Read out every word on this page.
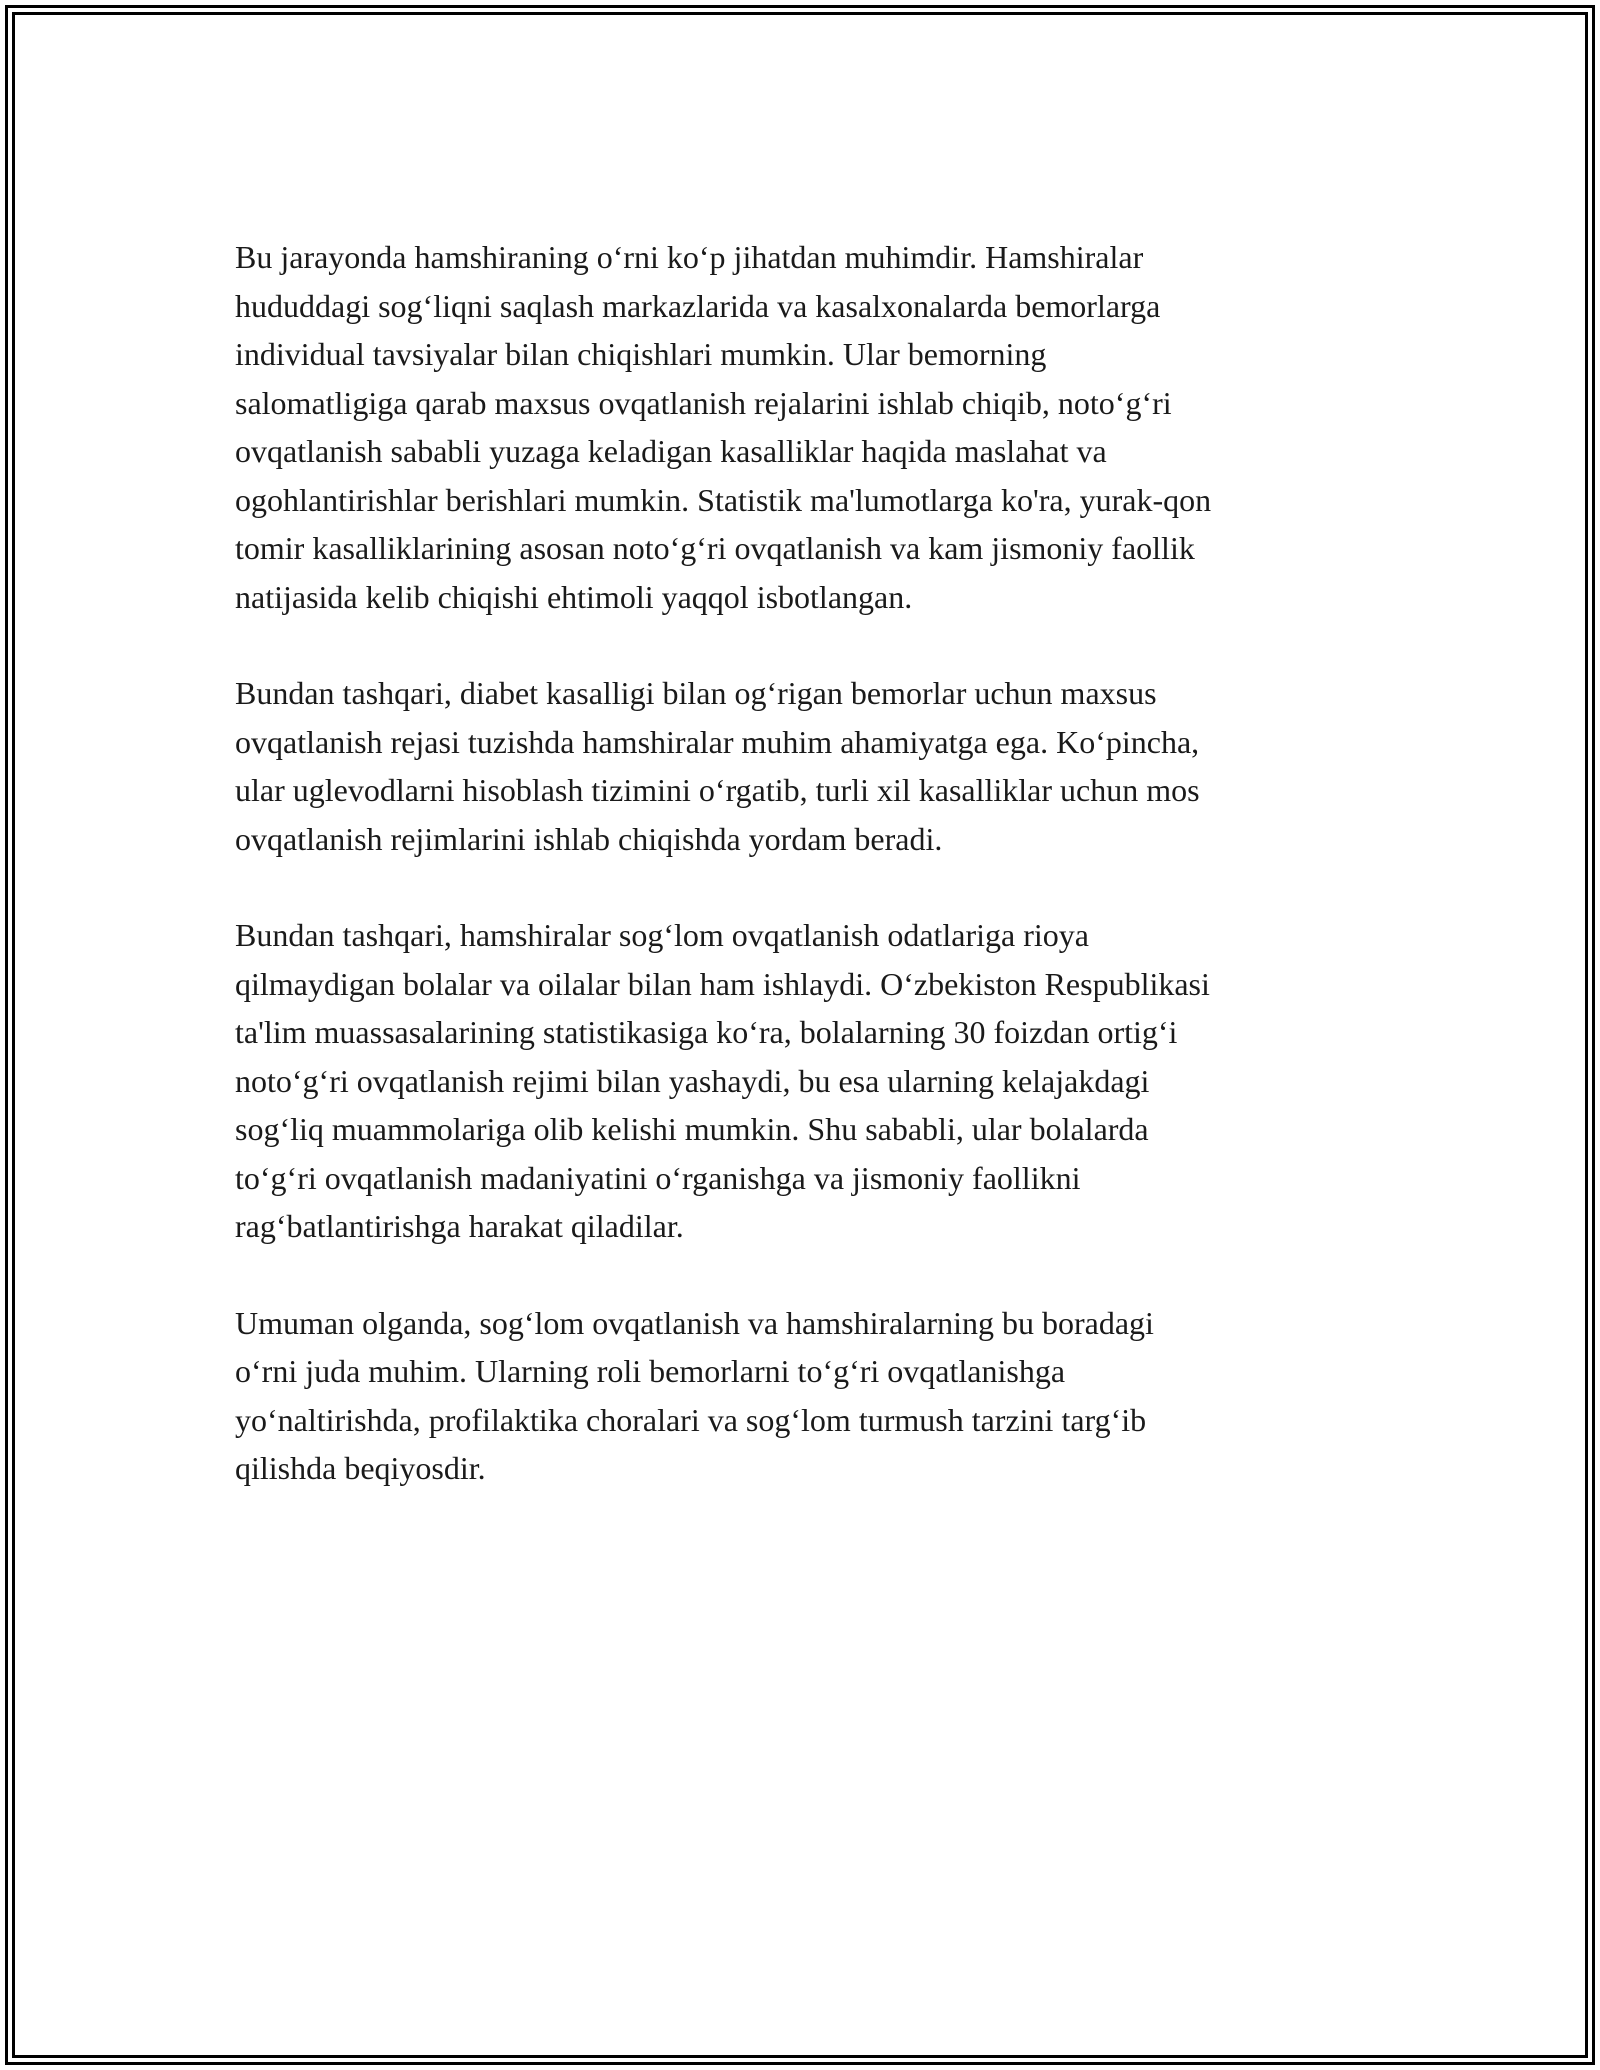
Bu jarayonda hamshiraning o‘rni ko‘p jihatdan muhimdir. Hamshiralar
hududdagi sog‘liqni saqlash markazlarida va kasalxonalarda bemorlarga
individual tavsiyalar bilan chiqishlari mumkin. Ular bemorning
salomatligiga qarab maxsus ovqatlanish rejalarini ishlab chiqib, noto‘g‘ri
ovqatlanish sababli yuzaga keladigan kasalliklar haqida maslahat va
ogohlantirishlar berishlari mumkin. Statistik ma'lumotlarga ko'ra, yurak-qon
tomir kasalliklarining asosan noto‘g‘ri ovqatlanish va kam jismoniy faollik
natijasida kelib chiqishi ehtimoli yaqqol isbotlangan.

Bundan tashqari, diabet kasalligi bilan og‘rigan bemorlar uchun maxsus
ovqatlanish rejasi tuzishda hamshiralar muhim ahamiyatga ega. Ko‘pincha,
ular uglevodlarni hisoblash tizimini o‘rgatib, turli xil kasalliklar uchun mos
ovqatlanish rejimlarini ishlab chiqishda yordam beradi.

Bundan tashqari, hamshiralar sog‘lom ovqatlanish odatlariga rioya
qilmaydigan bolalar va oilalar bilan ham ishlaydi. O‘zbekiston Respublikasi
ta'lim muassasalarining statistikasiga ko‘ra, bolalarning 30 foizdan ortig‘i
noto‘g‘ri ovqatlanish rejimi bilan yashaydi, bu esa ularning kelajakdagi
sog‘liq muammolariga olib kelishi mumkin. Shu sababli, ular bolalarda
to‘g‘ri ovqatlanish madaniyatini o‘rganishga va jismoniy faollikni
rag‘batlantirishga harakat qiladilar.

Umuman olganda, sog‘lom ovqatlanish va hamshiralarning bu boradagi
o‘rni juda muhim. Ularning roli bemorlarni to‘g‘ri ovqatlanishga
yo‘naltirishda, profilaktika choralari va sog‘lom turmush tarzini targ‘ib
qilishda beqiyosdir.
